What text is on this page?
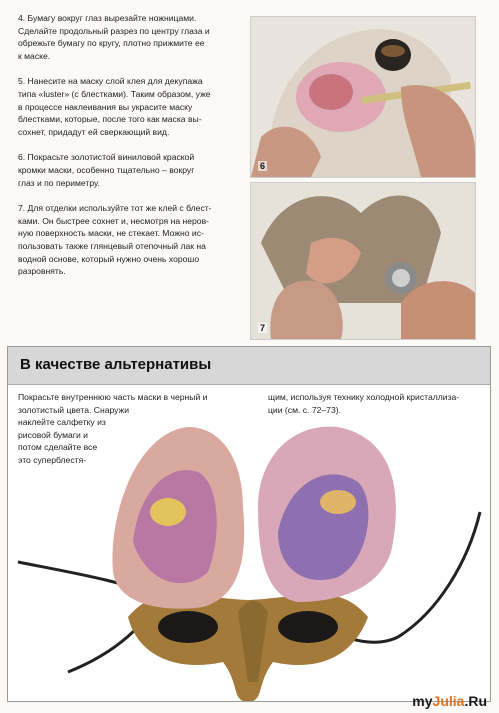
4. Бумагу вокруг глаз вырезайте ножницами.
Сделайте продольный разрез по центру глаза и
обрежьте бумагу по кругу, плотно прижмите ее
к маске.

5. Нанесите на маску слой клея для декупажа
типа «luster» (с блестками). Таким образом, уже
в процессе наклеивания вы украсите маску
блестками, которые, после того как маска вы-
сохнет, придадут ей сверкающий вид.

6. Покрасьте золотистой виниловой краской
кромки маски, особенно тщательно – вокруг
глаз и по периметру.

7. Для отделки используйте тот же клей с блест-
ками. Он быстрее сохнет и, несмотря на неров-
ную поверхность маски, не стекает. Можно ис-
пользовать также глянцевый отепочный лак на
водной основе, который нужно очень хорошо
разровнять.

6
7
В качестве альтернативы
Покрасьте внутреннюю часть маски в черный и
золотистый цвета. Снаружи
наклейте салфетку из
рисовой бумаги и
потом сделайте все
это суперблестя-
щим, используя технику холодной кристаллиза-
ции (см. с. 72–73).
myJulia.Ru
